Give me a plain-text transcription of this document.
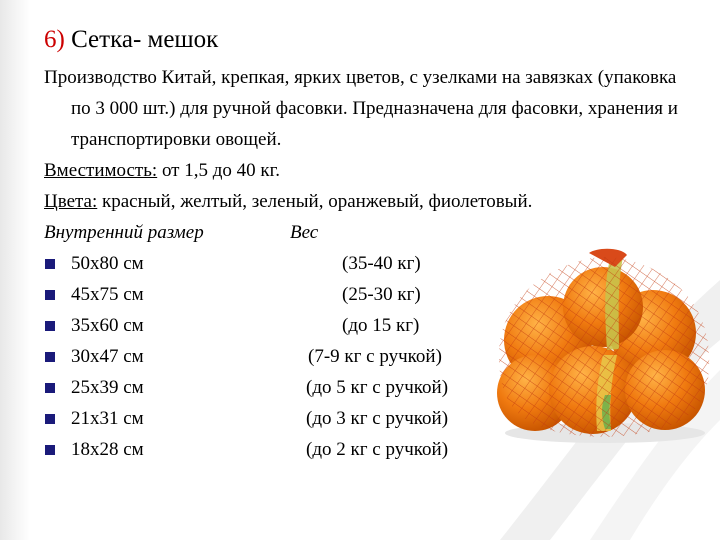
6) Сетка- мешок

Производство Китай, крепкая, ярких цветов, с узелками на завязках (упаковка по 3 000 шт.) для ручной фасовки. Предназначена для фасовки, хранения и транспортировки овощей.

Вместимость: от 1,5 до 40 кг.

Цвета: красный, желтый, зеленый, оранжевый, фиолетовый.

Внутренний размер	Вес
50х80 см	(35-40 кг)
45х75 см	(25-30 кг)
35х60 см	(до 15 кг)
30х47 см	(7-9 кг с ручкой)
25х39 см	(до 5 кг с ручкой)
21х31 см	(до 3 кг с ручкой)
18х28 см	(до 2 кг с ручкой)
